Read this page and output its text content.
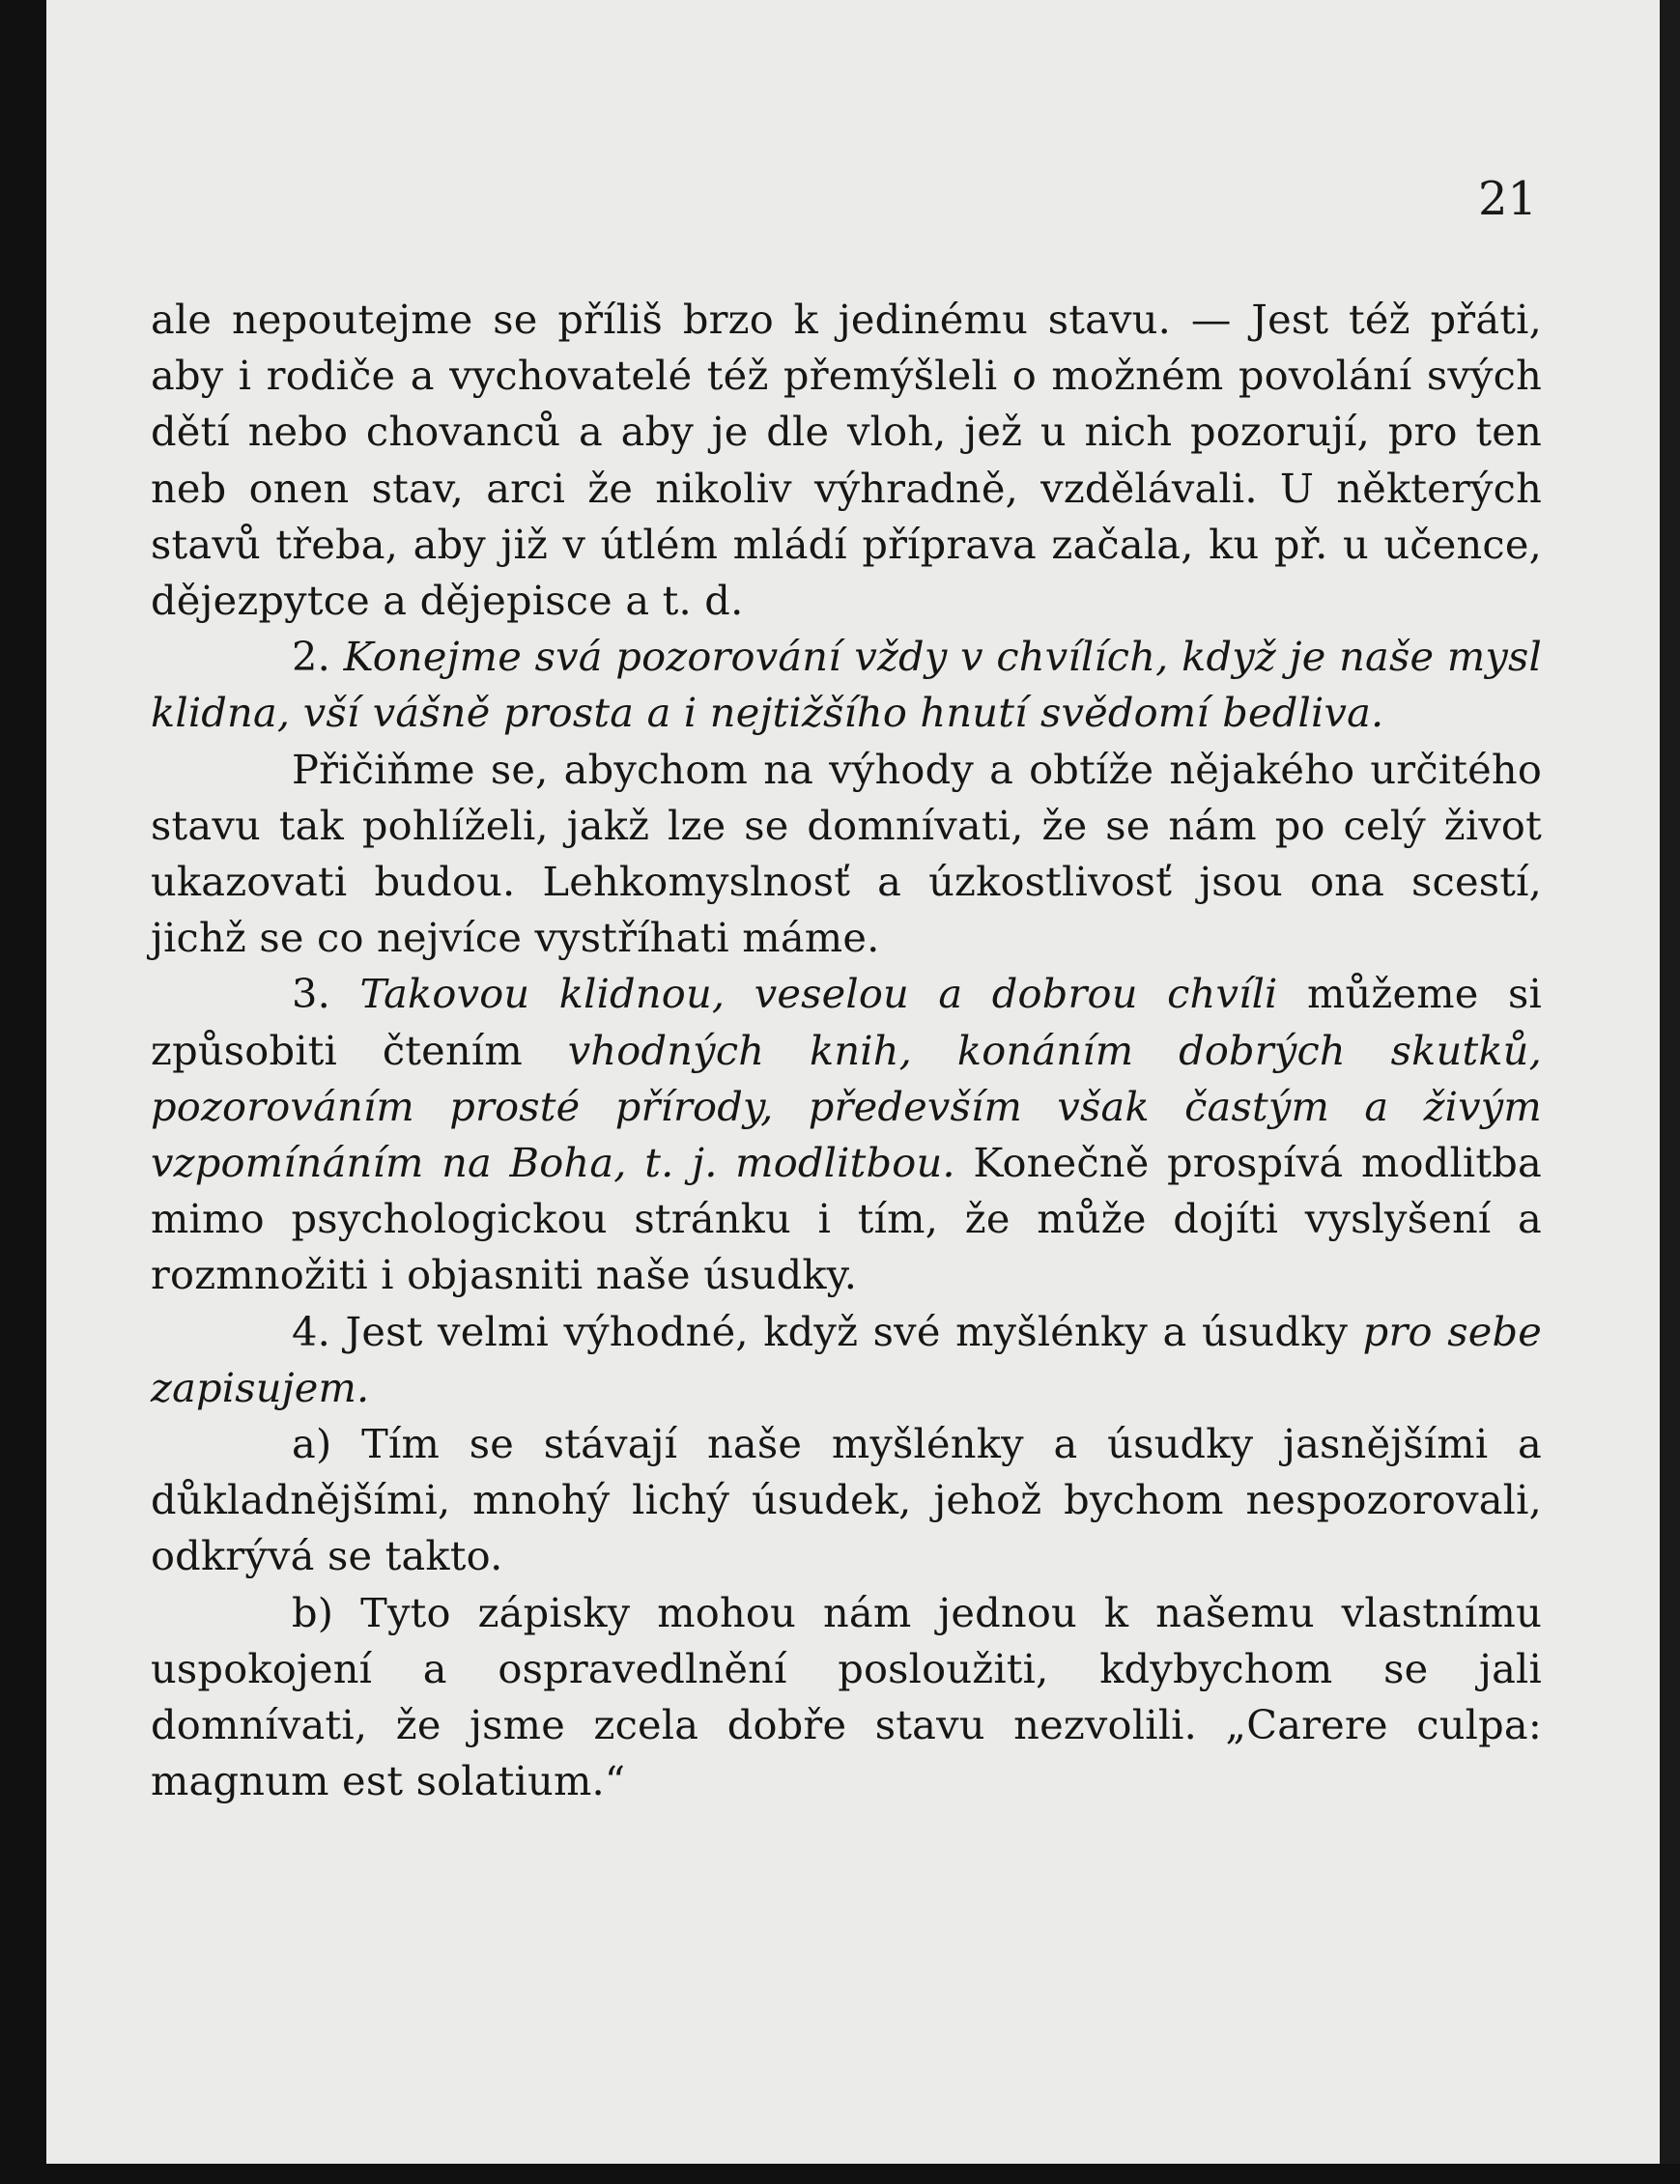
21

ale nepoutejme se příliš brzo k jedinému stavu. — Jest též přáti, aby i rodiče a vychovatelé též přemýšleli o možném povolání svých dětí nebo chovanců a aby je dle vloh, jež u nich pozorují, pro ten neb onen stav, arci že nikoliv výhradně, vzdělávali. U některých stavů třeba, aby již v útlém mládí příprava začala, ku př. u učence, dějezpytce a dějepisce a t. d.

2. Konejme svá pozorování vždy v chvílích, když je naše mysl klidna, vší vášně prosta a i nejtižšího hnutí svědomí bedliva.

Přičiňme se, abychom na výhody a obtíže nějakého určitého stavu tak pohlíželi, jakž lze se domnívati, že se nám po celý život ukazovati budou. Lehkomyslnosť a úzkostlivosť jsou ona scestí, jichž se co nejvíce vystříhati máme.

3. Takovou klidnou, veselou a dobrou chvíli můžeme si způsobiti čtením vhodných knih, konáním dobrých skutků, pozorováním prosté přírody, především však častým a živým vzpomínáním na Boha, t. j. modlitbou. Konečně prospívá modlitba mimo psychologickou stránku i tím, že může dojíti vyslyšení a rozmnožiti i objasniti naše úsudky.

4. Jest velmi výhodné, když své myšlénky a úsudky pro sebe zapisujem.

a) Tím se stávají naše myšlénky a úsudky jasnějšími a důkladnějšími, mnohý lichý úsudek, jehož bychom nespozorovali, odkrývá se takto.

b) Tyto zápisky mohou nám jednou k našemu vlastnímu uspokojení a ospravedlnění posloužiti, kdybychom se jali domnívati, že jsme zcela dobře stavu nezvolili. „Carere culpa: magnum est solatium.“
